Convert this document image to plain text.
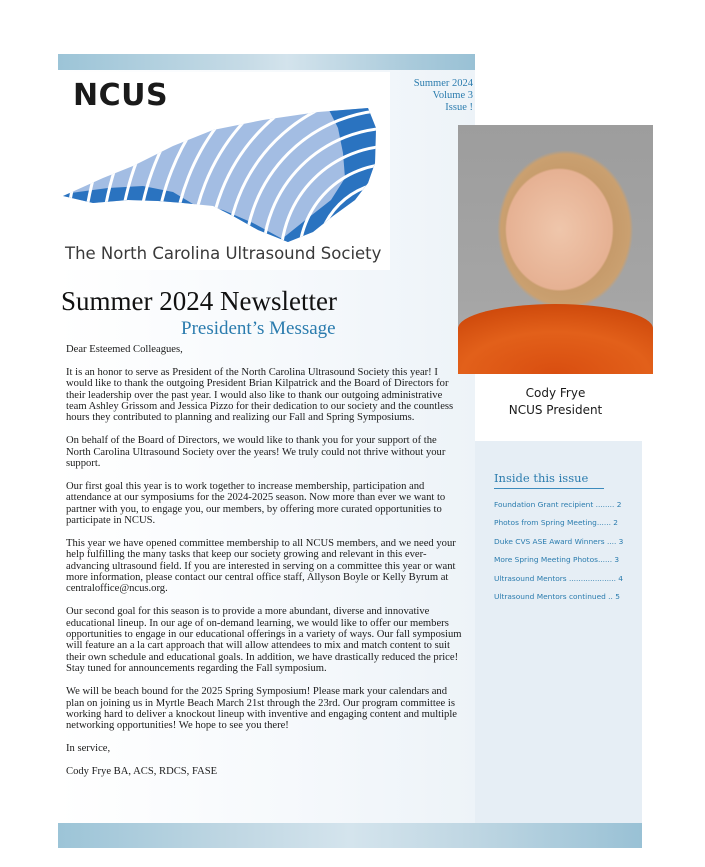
Summer 2024
Volume 3
Issue !
NCUS
The North Carolina Ultrasound Society
Summer 2024 Newsletter
President’s Message

Dear Esteemed Colleagues,

It is an honor to serve as President of the North Carolina Ultrasound Society this year! I would like to thank the outgoing President Brian Kilpatrick and the Board of Directors for their leadership over the past year. I would also like to thank our outgoing administrative team Ashley Grissom and Jessica Pizzo for their dedication to our society and the countless hours they contributed to planning and realizing our Fall and Spring Symposiums.

On behalf of the Board of Directors, we would like to thank you for your support of the North Carolina Ultrasound Society over the years! We truly could not thrive without your support.

Our first goal this year is to work together to increase membership, participation and attendance at our symposiums for the 2024-2025 season. Now more than ever we want to partner with you, to engage you, our members, by offering more curated opportunities to participate in NCUS.

This year we have opened committee membership to all NCUS members, and we need your help fulfilling the many tasks that keep our society growing and relevant in this ever-advancing ultrasound field. If you are interested in serving on a committee this year or want more information, please contact our central office staff, Allyson Boyle or Kelly Byrum at centraloffice@ncus.org.

Our second goal for this season is to provide a more abundant, diverse and innovative educational lineup. In our age of on-demand learning, we would like to offer our members opportunities to engage in our educational offerings in a variety of ways. Our fall symposium will feature an a la cart approach that will allow attendees to mix and match content to suit their own schedule and educational goals. In addition, we have drastically reduced the price! Stay tuned for announcements regarding the Fall symposium.

We will be beach bound for the 2025 Spring Symposium! Please mark your calendars and plan on joining us in Myrtle Beach March 21st through the 23rd. Our program committee is working hard to deliver a knockout lineup with inventive and engaging content and multiple networking opportunities! We hope to see you there!

In service,

Cody Frye BA, ACS, RDCS, FASE

Cody Frye
NCUS President
Inside this issue
Foundation Grant recipient ........ 2
Photos from Spring Meeting...... 2
Duke CVS ASE Award Winners .... 3
More Spring Meeting Photos...... 3
Ultrasound Mentors .................... 4
Ultrasound Mentors continued .. 5
